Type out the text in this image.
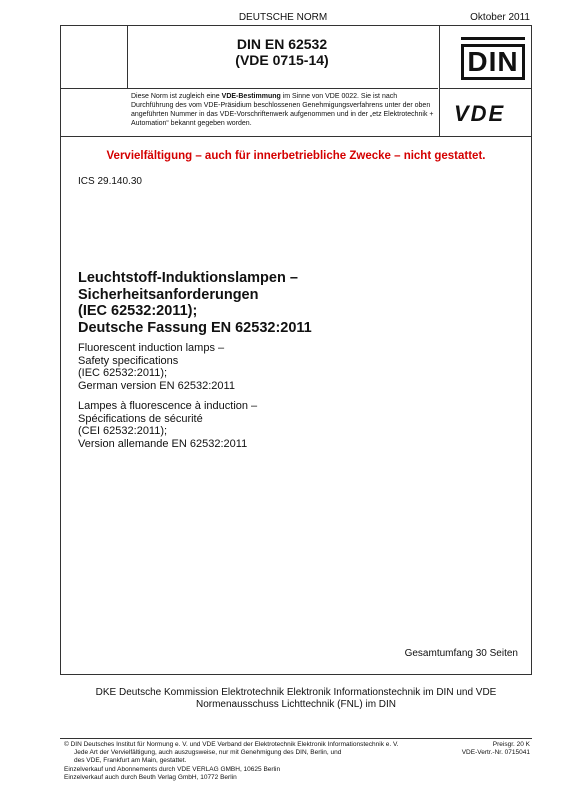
DEUTSCHE NORM	Oktober 2011
DIN EN 62532
(VDE 0715-14)	DIN
VDE
Diese Norm ist zugleich eine VDE-Bestimmung im Sinne von VDE 0022. Sie ist nach Durchführung des vom VDE-Präsidium beschlossenen Genehmigungsverfahrens unter der oben angeführten Nummer in das VDE-Vorschriftenwerk aufgenommen und in der „etz Elektrotechnik + Automation“ bekannt gegeben worden.
Vervielfältigung – auch für innerbetriebliche Zwecke – nicht gestattet.
ICS 29.140.30
Leuchtstoff-Induktionslampen –
Sicherheitsanforderungen
(IEC 62532:2011);
Deutsche Fassung EN 62532:2011
Fluorescent induction lamps –
Safety specifications
(IEC 62532:2011);
German version EN 62532:2011
Lampes à fluorescence à induction –
Spécifications de sécurité
(CEI 62532:2011);
Version allemande EN 62532:2011
Gesamtumfang 30 Seiten
DKE Deutsche Kommission Elektrotechnik Elektronik Informationstechnik im DIN und VDE
Normenausschuss Lichttechnik (FNL) im DIN
© DIN Deutsches Institut für Normung e. V. und VDE Verband der Elektrotechnik Elektronik Informationstechnik e. V.
Jede Art der Vervielfältigung, auch auszugsweise, nur mit Genehmigung des DIN, Berlin, und
des VDE, Frankfurt am Main, gestattet.
Preisgr. 20 K
VDE-Vertr.-Nr. 0715041
Einzelverkauf und Abonnements durch VDE VERLAG GMBH, 10625 Berlin
Einzelverkauf auch durch Beuth Verlag GmbH, 10772 Berlin
